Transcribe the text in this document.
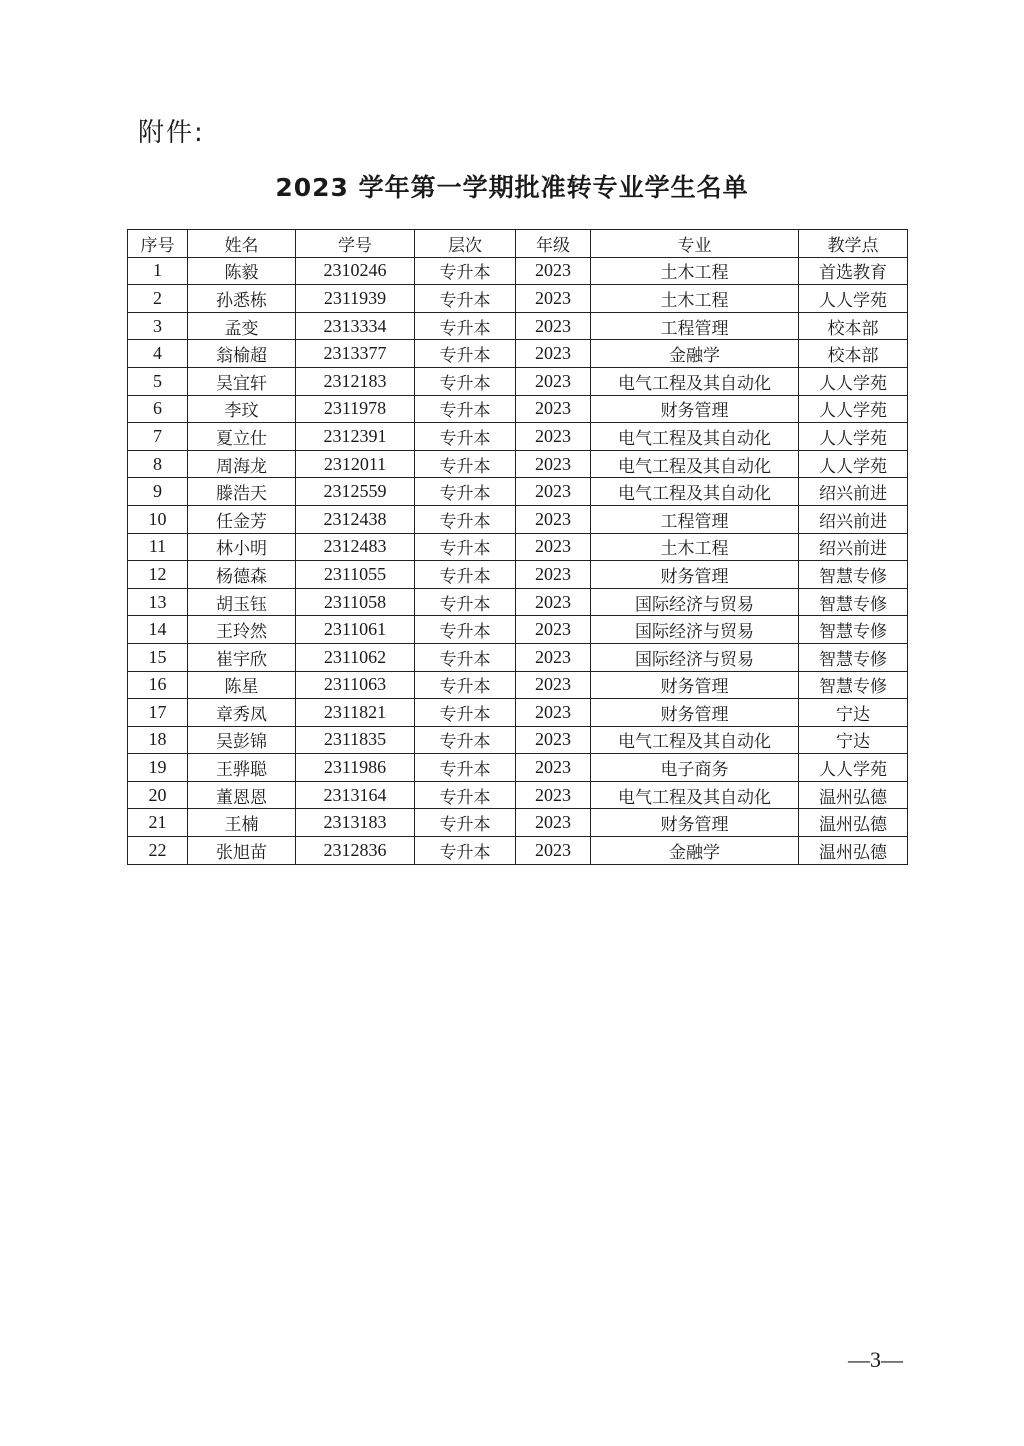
附件:
2023 学年第一学期批准转专业学生名单
序号	姓名	学号	层次	年级	专业	教学点
1	陈毅	2310246	专升本	2023	土木工程	首选教育
2	孙悉栋	2311939	专升本	2023	土木工程	人人学苑
3	孟变	2313334	专升本	2023	工程管理	校本部
4	翁榆超	2313377	专升本	2023	金融学	校本部
5	吴宜轩	2312183	专升本	2023	电气工程及其自动化	人人学苑
6	李玟	2311978	专升本	2023	财务管理	人人学苑
7	夏立仕	2312391	专升本	2023	电气工程及其自动化	人人学苑
8	周海龙	2312011	专升本	2023	电气工程及其自动化	人人学苑
9	滕浩天	2312559	专升本	2023	电气工程及其自动化	绍兴前进
10	任金芳	2312438	专升本	2023	工程管理	绍兴前进
11	林小明	2312483	专升本	2023	土木工程	绍兴前进
12	杨德森	2311055	专升本	2023	财务管理	智慧专修
13	胡玉钰	2311058	专升本	2023	国际经济与贸易	智慧专修
14	王玲然	2311061	专升本	2023	国际经济与贸易	智慧专修
15	崔宇欣	2311062	专升本	2023	国际经济与贸易	智慧专修
16	陈星	2311063	专升本	2023	财务管理	智慧专修
17	章秀凤	2311821	专升本	2023	财务管理	宁达
18	吴彭锦	2311835	专升本	2023	电气工程及其自动化	宁达
19	王骅聪	2311986	专升本	2023	电子商务	人人学苑
20	董恩恩	2313164	专升本	2023	电气工程及其自动化	温州弘德
21	王楠	2313183	专升本	2023	财务管理	温州弘德
22	张旭苗	2312836	专升本	2023	金融学	温州弘德
—3—
